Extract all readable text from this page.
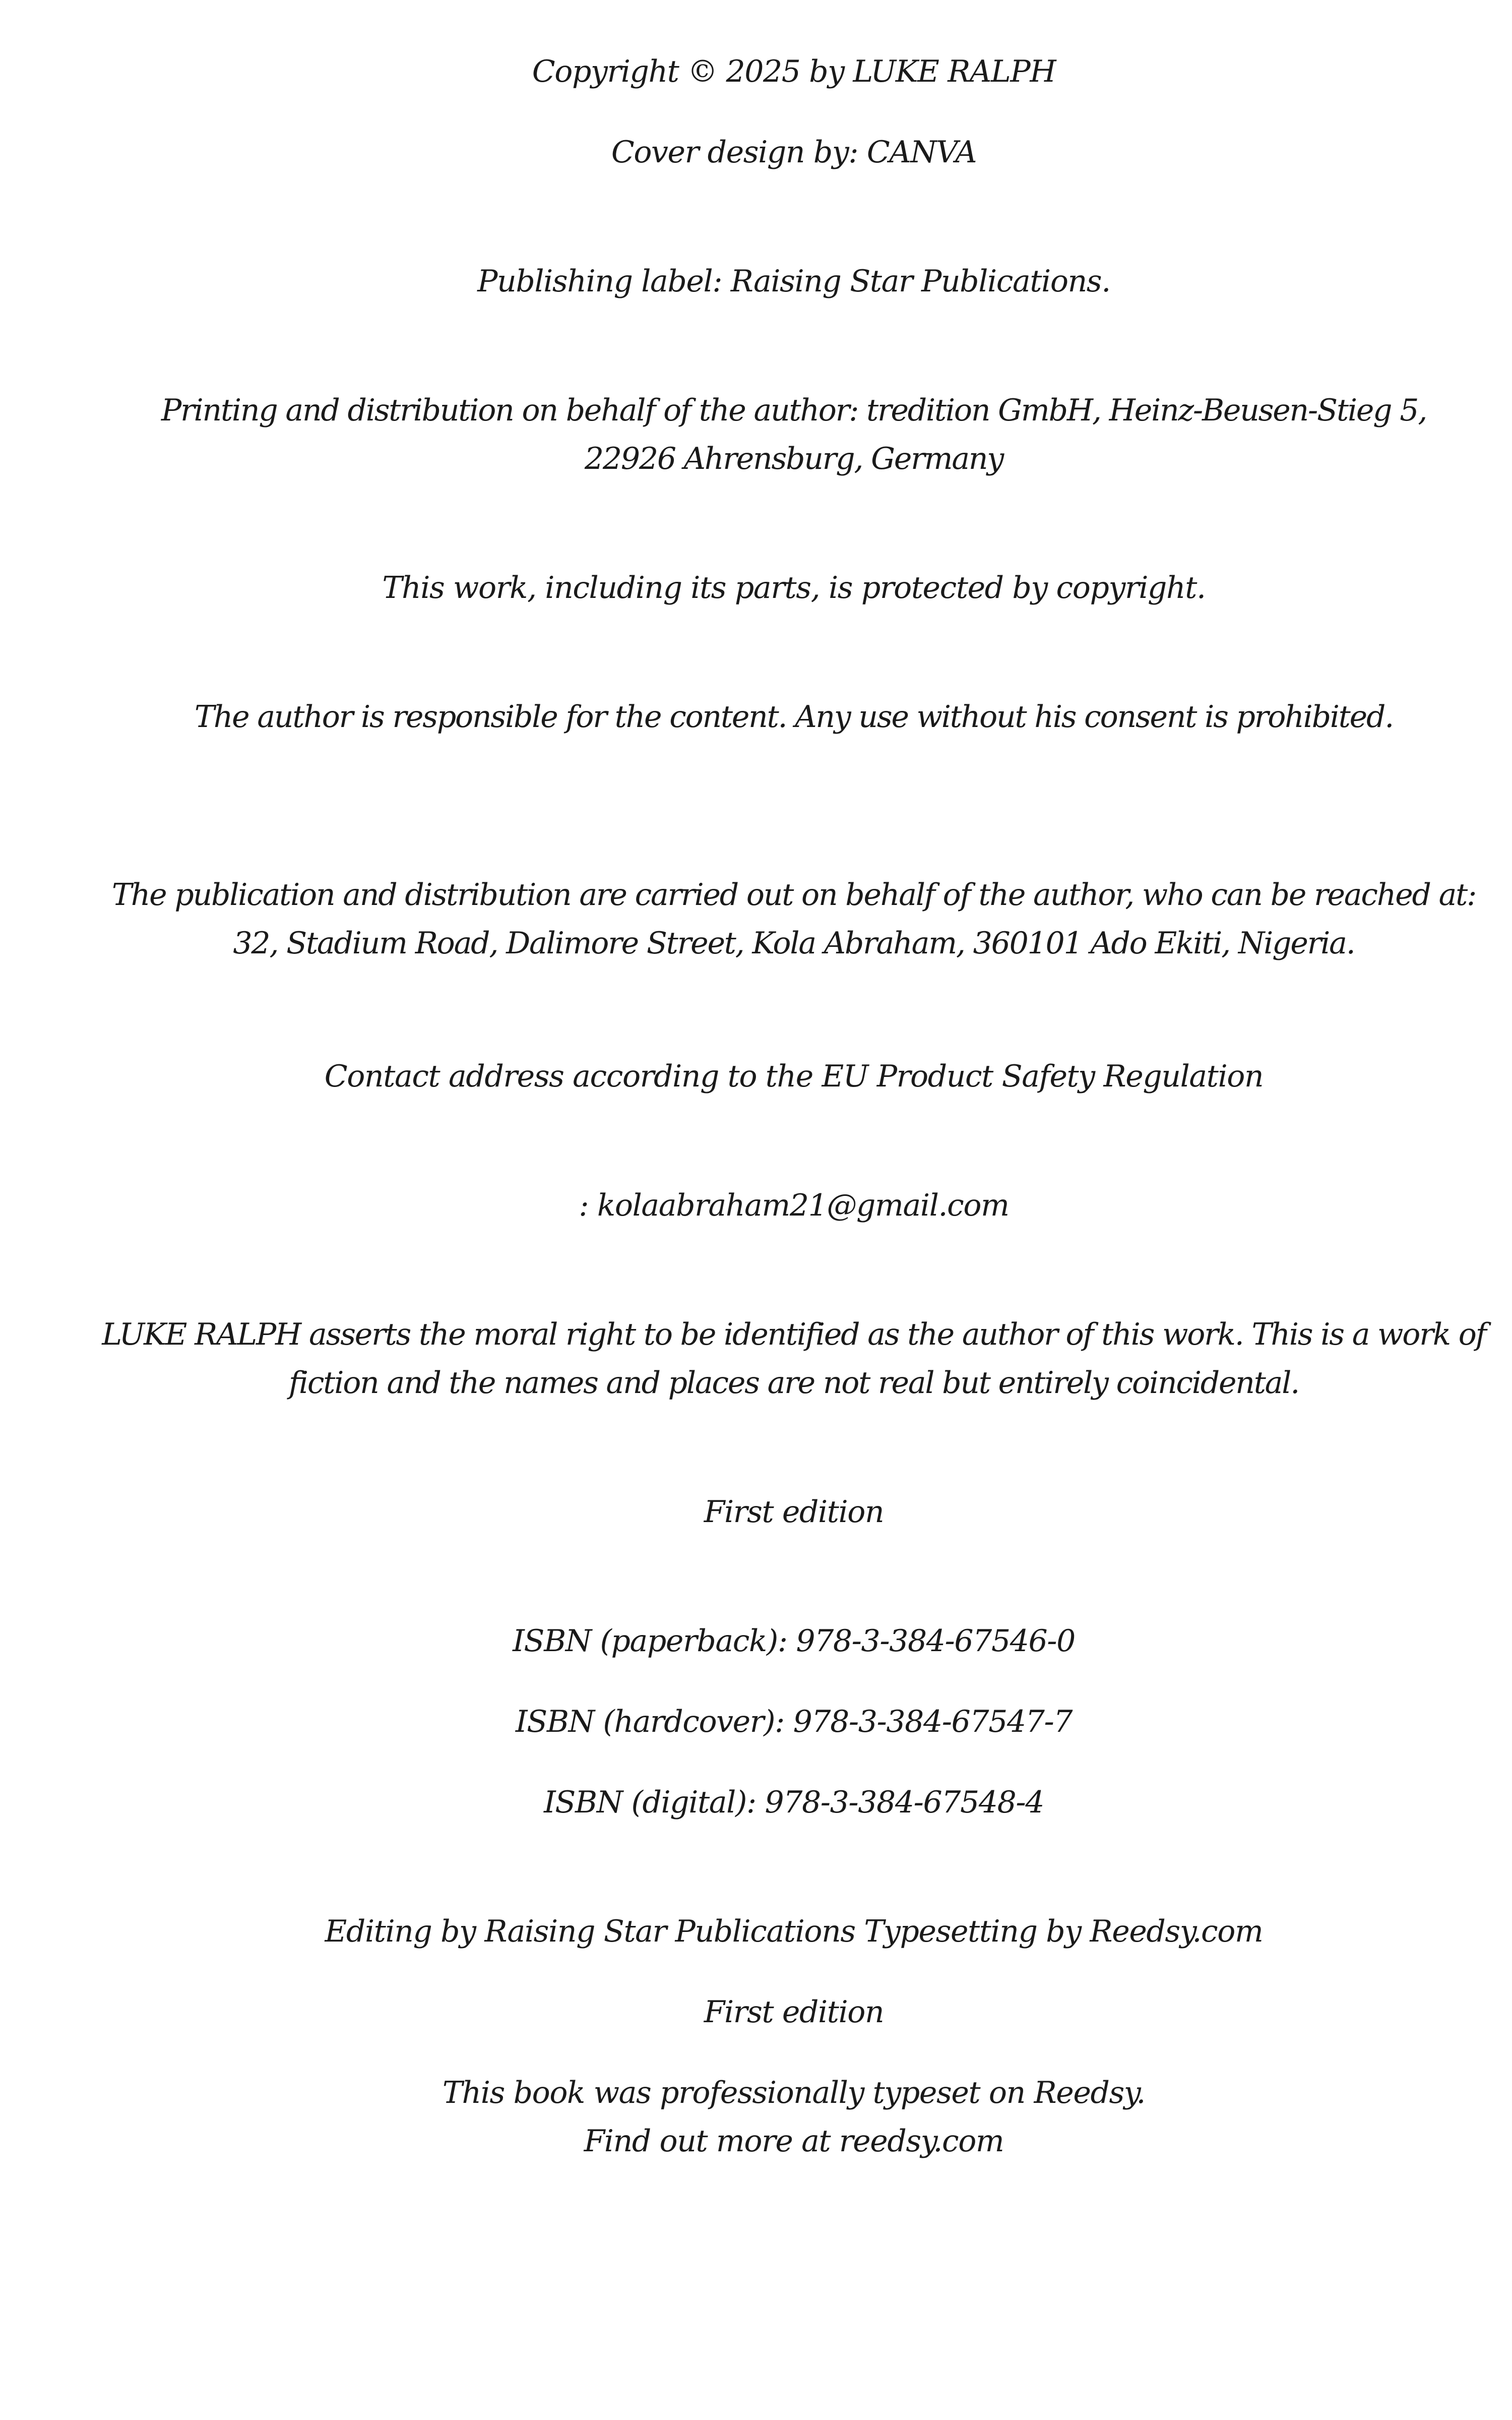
Copyright © 2025 by LUKE RALPH
Cover design by: CANVA
Publishing label: Raising Star Publications.
Printing and distribution on behalf of the author: tredition GmbH, Heinz-Beusen-Stieg 5,
22926 Ahrensburg, Germany
This work, including its parts, is protected by copyright.
The author is responsible for the content. Any use without his consent is prohibited.
The publication and distribution are carried out on behalf of the author, who can be reached at:
32, Stadium Road, Dalimore Street, Kola Abraham, 360101 Ado Ekiti, Nigeria.
Contact address according to the EU Product Safety Regulation
: kolaabraham21@gmail.com
LUKE RALPH asserts the moral right to be identified as the author of this work. This is a work of
fiction and the names and places are not real but entirely coincidental.
First edition
ISBN (paperback): 978-3-384-67546-0
ISBN (hardcover): 978-3-384-67547-7
ISBN (digital): 978-3-384-67548-4
Editing by Raising Star Publications Typesetting by Reedsy.com
First edition
This book was professionally typeset on Reedsy.
Find out more at reedsy.com
